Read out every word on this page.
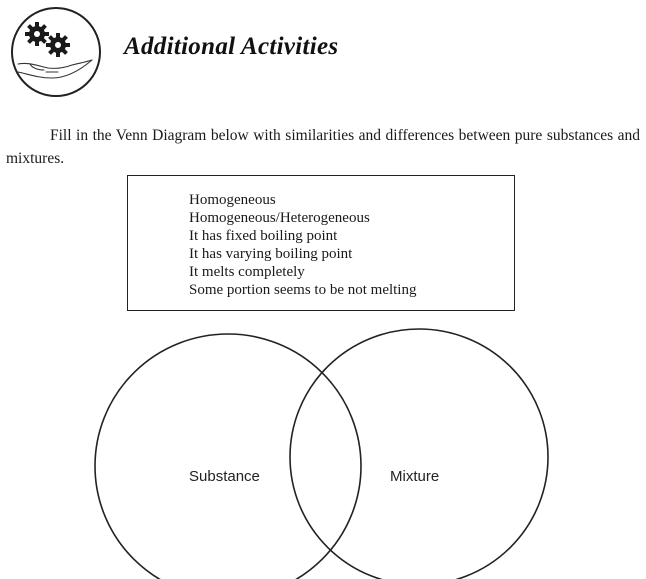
Additional Activities

Fill in the Venn Diagram below with similarities and differences between pure substances and mixtures.

Homogeneous
Homogeneous/Heterogeneous
It has fixed boiling point
It has varying boiling point
It melts completely
Some portion seems to be not melting
Substance	Mixture
